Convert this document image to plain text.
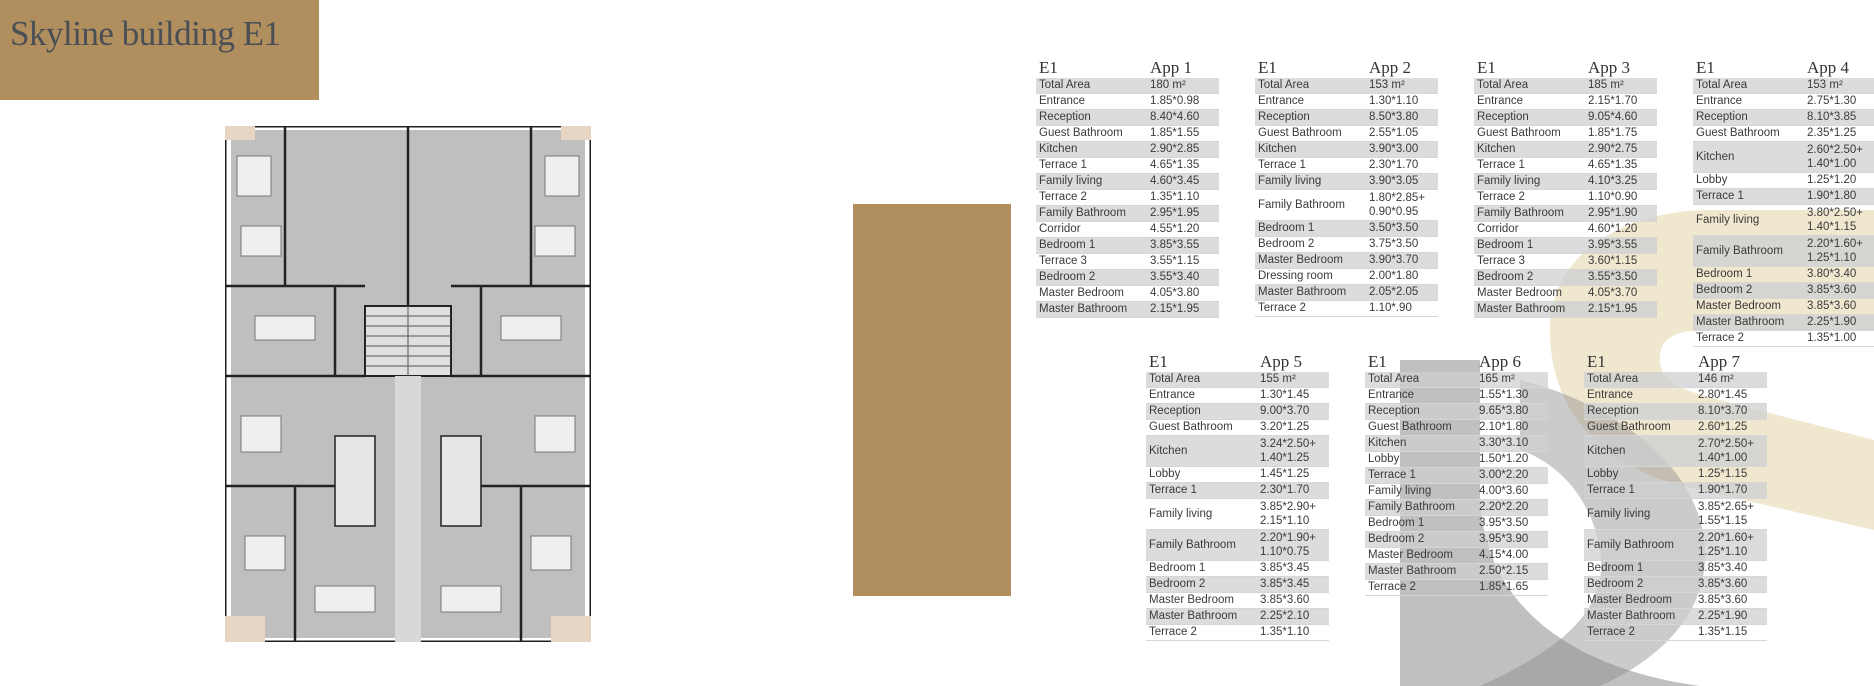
Skyline building E1
E1	App 1
Total Area	180 m²
Entrance	1.85*0.98
Reception	8.40*4.60
Guest Bathroom	1.85*1.55
Kitchen	2.90*2.85
Terrace 1	4.65*1.35
Family living	4.60*3.45
Terrace 2	1.35*1.10
Family Bathroom	2.95*1.95
Corridor	4.55*1.20
Bedroom 1	3.85*3.55
Terrace 3	3.55*1.15
Bedroom 2	3.55*3.40
Master Bedroom	4.05*3.80
Master Bathroom	2.15*1.95
E1	App 2
Total Area	153 m²
Entrance	1.30*1.10
Reception	8.50*3.80
Guest Bathroom	2.55*1.05
Kitchen	3.90*3.00
Terrace 1	2.30*1.70
Family living	3.90*3.05
Family Bathroom
1.80*2.85+
0.90*0.95
Bedroom 1	3.50*3.50
Bedroom 2	3.75*3.50
Master Bedroom	3.90*3.70
Dressing room	2.00*1.80
Master Bathroom	2.05*2.05
Terrace 2	1.10*.90
E1	App 3
Total Area	185 m²
Entrance	2.15*1.70
Reception	9.05*4.60
Guest Bathroom	1.85*1.75
Kitchen	2.90*2.75
Terrace 1	4.65*1.35
Family living	4.10*3.25
Terrace 2	1.10*0.90
Family Bathroom	2.95*1.90
Corridor	4.60*1.20
Bedroom 1	3.95*3.55
Terrace 3	3.60*1.15
Bedroom 2	3.55*3.50
Master Bedroom	4.05*3.70
Master Bathroom	2.15*1.95
E1	App 4
Total Area	153 m²
Entrance	2.75*1.30
Reception	8.10*3.85
Guest Bathroom	2.35*1.25
Kitchen
2.60*2.50+
1.40*1.00
Lobby	1.25*1.20
Terrace 1	1.90*1.80
Family living
3.80*2.50+
1.40*1.15
Family Bathroom
2.20*1.60+
1.25*1.10
Bedroom 1	3.80*3.40
Bedroom 2	3.85*3.60
Master Bedroom	3.85*3.60
Master Bathroom	2.25*1.90
Terrace 2	1.35*1.00
E1	App 5
Total Area	155 m²
Entrance	1.30*1.45
Reception	9.00*3.70
Guest Bathroom	3.20*1.25
Kitchen
3.24*2.50+
1.40*1.25
Lobby	1.45*1.25
Terrace 1	2.30*1.70
Family living
3.85*2.90+
2.15*1.10
Family Bathroom
2.20*1.90+
1.10*0.75
Bedroom 1	3.85*3.45
Bedroom 2	3.85*3.45
Master Bedroom	3.85*3.60
Master Bathroom	2.25*2.10
Terrace 2	1.35*1.10
E1	App 6
Total Area	165 m²
Entrance	1.55*1.30
Reception	9.65*3.80
Guest Bathroom	2.10*1.80
Kitchen	3.30*3.10
Lobby	1.50*1.20
Terrace 1	3.00*2.20
Family living	4.00*3.60
Family Bathroom	2.20*2.20
Bedroom 1	3.95*3.50
Bedroom 2	3.95*3.90
Master Bedroom	4.15*4.00
Master Bathroom	2.50*2.15
Terrace 2	1.85*1.65
E1	App 7
Total Area	146 m²
Entrance	2.80*1.45
Reception	8.10*3.70
Guest Bathroom	2.60*1.25
Kitchen
2.70*2.50+
1.40*1.00
Lobby	1.25*1.15
Terrace 1	1.90*1.70
Family living
3.85*2.65+
1.55*1.15
Family Bathroom
2.20*1.60+
1.25*1.10
Bedroom 1	3.85*3.40
Bedroom 2	3.85*3.60
Master Bedroom	3.85*3.60
Master Bathroom	2.25*1.90
Terrace 2	1.35*1.15
